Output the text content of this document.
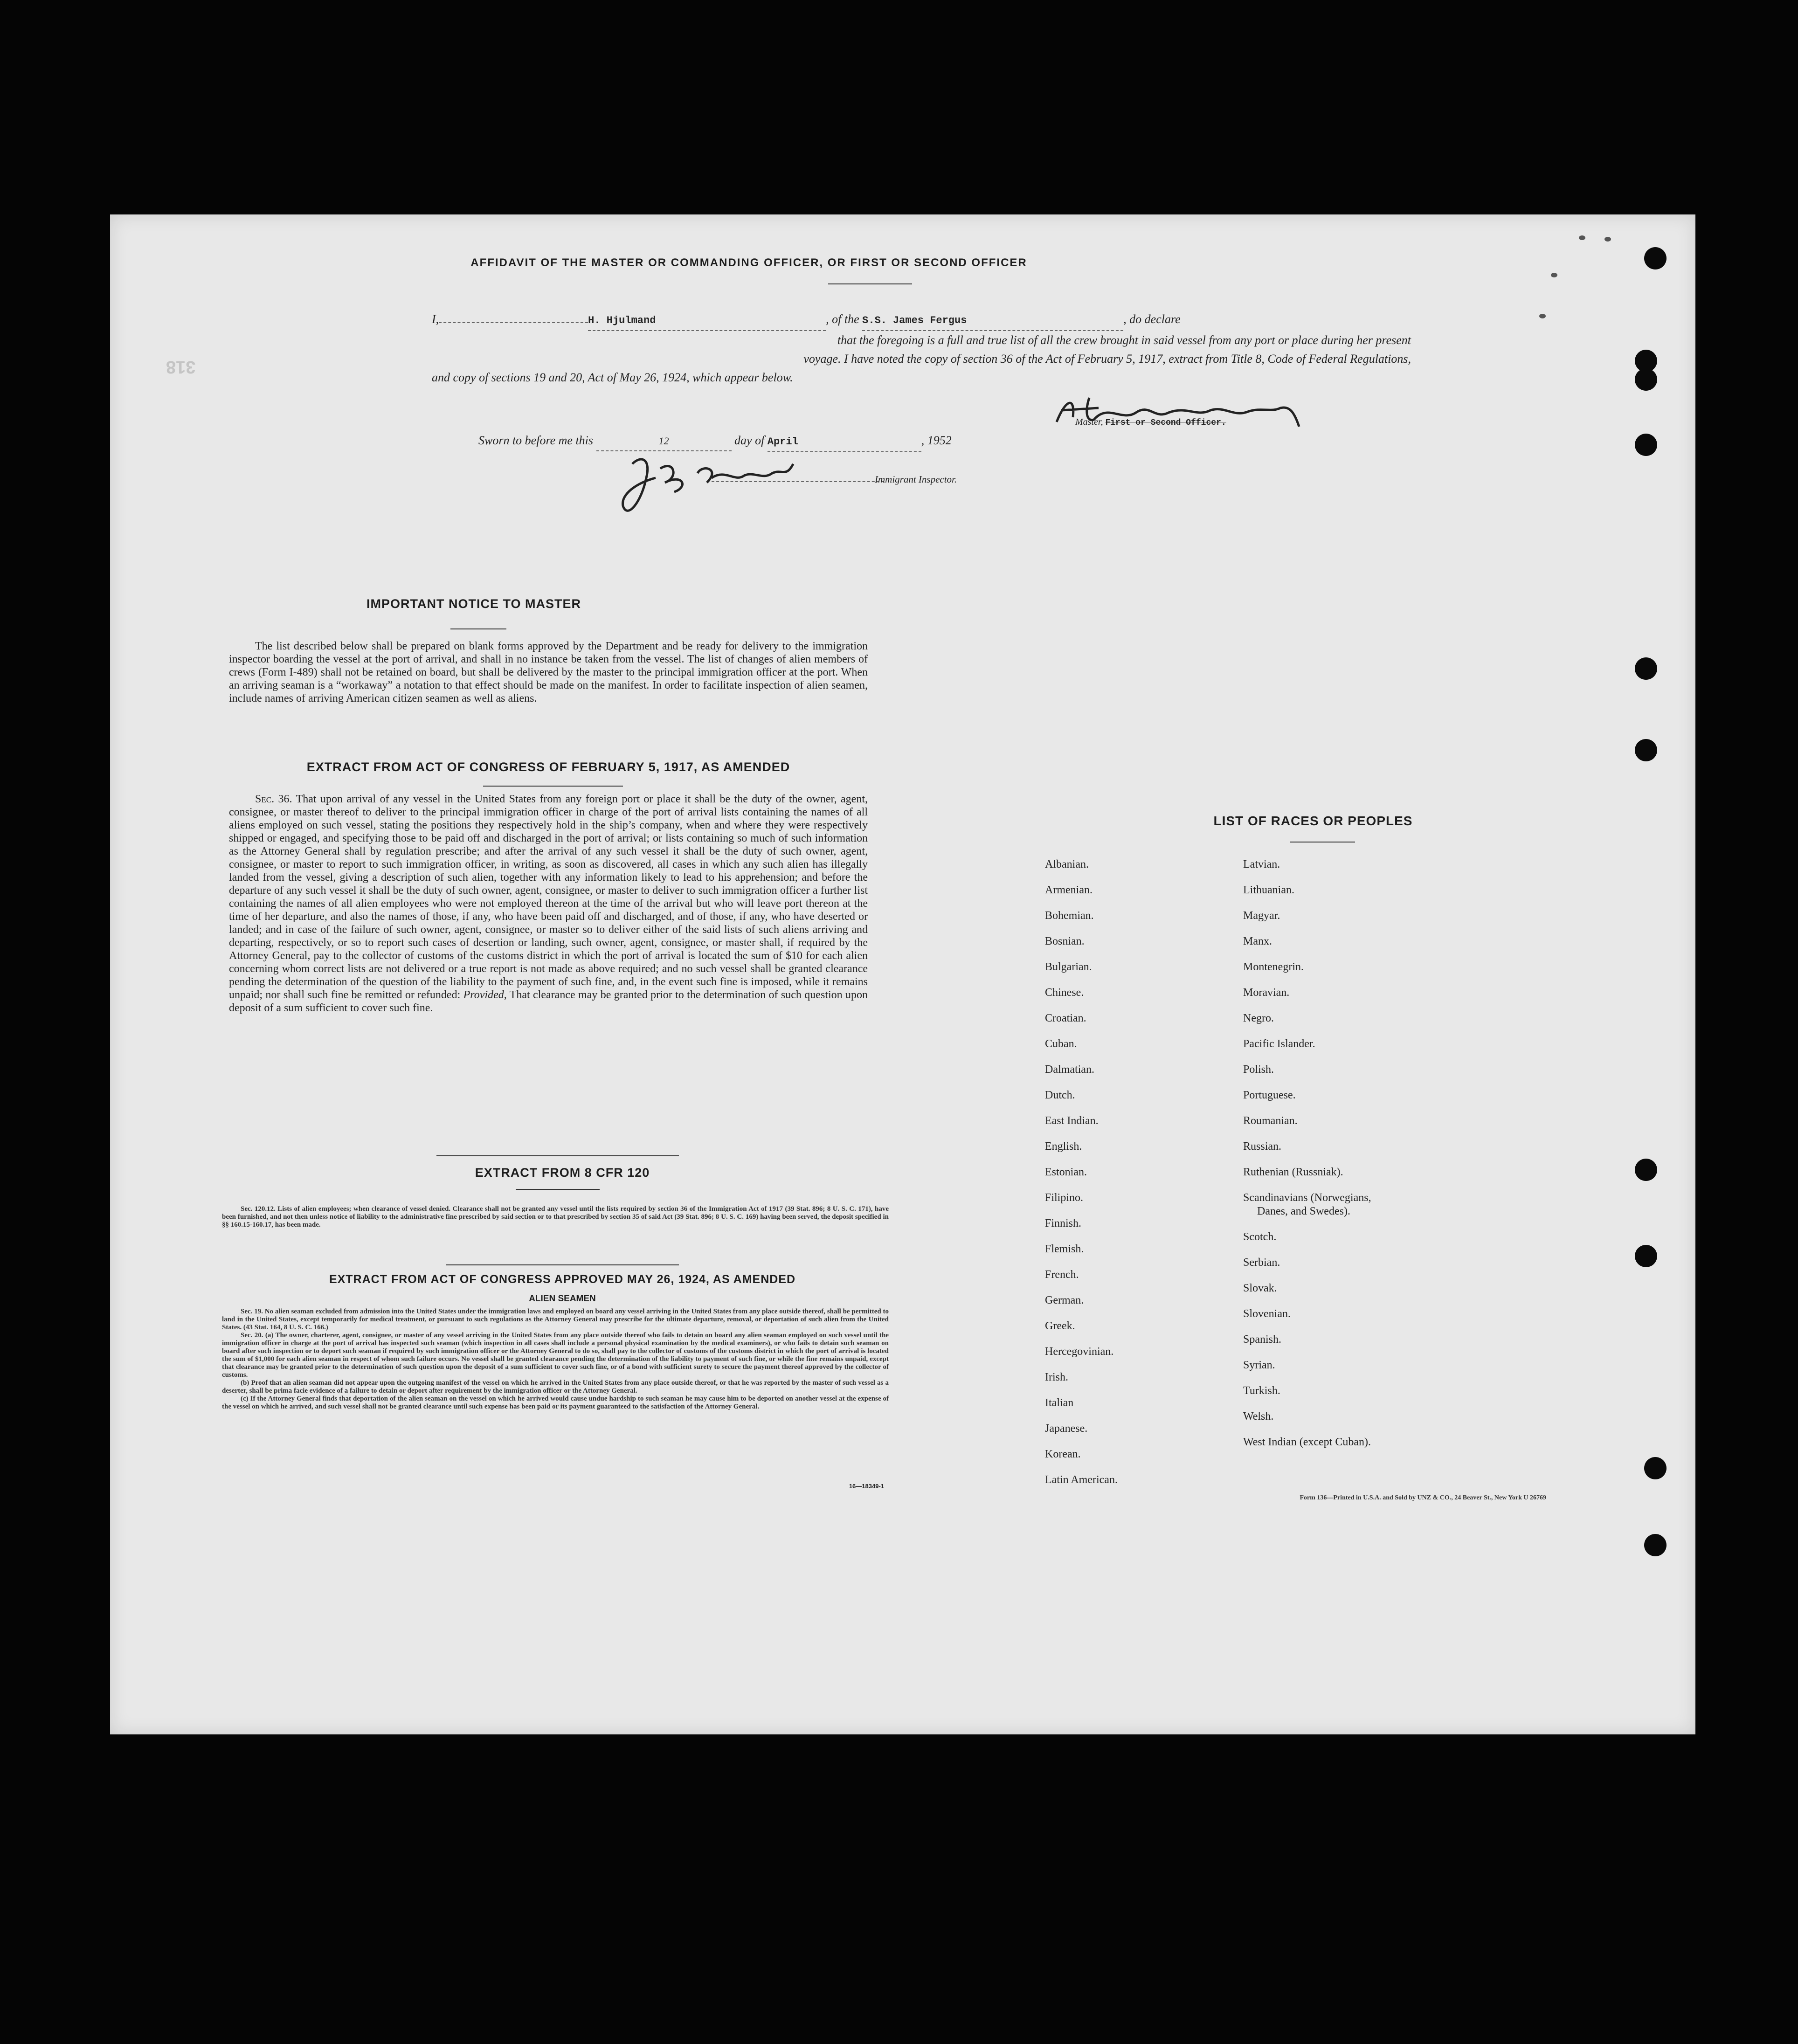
318
AFFIDAVIT OF THE MASTER OR COMMANDING OFFICER, OR FIRST OR SECOND OFFICER
I,	H. Hjulmand	, of the S.S. James Fergus	, do declare
that the foregoing is a full and true list of all the crew brought in said vessel from any port or place during her present
voyage. I have noted the copy of section 36 of the Act of February 5, 1917, extract from Title 8, Code of Federal Regulations,
and copy of sections 19 and 20, Act of May 26, 1924, which appear below.
Master, First or Second Officer.
Sworn to before me this	12	day of April	, 1952
Immigrant Inspector.
IMPORTANT NOTICE TO MASTER
The list described below shall be prepared on blank forms approved by the Department and be ready for delivery to the immigration inspector boarding the vessel at the port of arrival, and shall in no instance be taken from the vessel. The list of changes of alien members of crews (Form I-489) shall not be retained on board, but shall be delivered by the master to the principal immigration officer at the port. When an arriving seaman is a “workaway” a notation to that effect should be made on the manifest. In order to facilitate inspection of alien seamen, include names of arriving American citizen seamen as well as aliens.
EXTRACT FROM ACT OF CONGRESS OF FEBRUARY 5, 1917, AS AMENDED
Sec. 36. That upon arrival of any vessel in the United States from any foreign port or place it shall be the duty of the owner, agent, consignee, or master thereof to deliver to the principal immigration officer in charge of the port of arrival lists containing the names of all aliens employed on such vessel, stating the positions they respectively hold in the ship’s company, when and where they were respectively shipped or engaged, and specifying those to be paid off and discharged in the port of arrival; or lists containing so much of such information as the Attorney General shall by regulation prescribe; and after the arrival of any such vessel it shall be the duty of such owner, agent, consignee, or master to report to such immigration officer, in writing, as soon as discovered, all cases in which any such alien has illegally landed from the vessel, giving a description of such alien, together with any information likely to lead to his apprehension; and before the departure of any such vessel it shall be the duty of such owner, agent, consignee, or master to deliver to such immigration officer a further list containing the names of all alien employees who were not employed thereon at the time of the arrival but who will leave port thereon at the time of her departure, and also the names of those, if any, who have been paid off and discharged, and of those, if any, who have deserted or landed; and in case of the failure of such owner, agent, consignee, or master so to deliver either of the said lists of such aliens arriving and departing, respectively, or so to report such cases of desertion or landing, such owner, agent, consignee, or master shall, if required by the Attorney General, pay to the collector of customs of the customs district in which the port of arrival is located the sum of $10 for each alien concerning whom correct lists are not delivered or a true report is not made as above required; and no such vessel shall be granted clearance pending the determination of the question of the liability to the payment of such fine, and, in the event such fine is imposed, while it remains unpaid; nor shall such fine be remitted or refunded: Provided, That clearance may be granted prior to the determination of such question upon deposit of a sum sufficient to cover such fine.
EXTRACT FROM 8 CFR 120
Sec. 120.12. Lists of alien employees; when clearance of vessel denied. Clearance shall not be granted any vessel until the lists required by section 36 of the Immigration Act of 1917 (39 Stat. 896; 8 U. S. C. 171), have been furnished, and not then unless notice of liability to the administrative fine prescribed by said section or to that prescribed by section 35 of said Act (39 Stat. 896; 8 U. S. C. 169) having been served, the deposit specified in §§ 160.15-160.17, has been made.
EXTRACT FROM ACT OF CONGRESS APPROVED MAY 26, 1924, AS AMENDED
ALIEN SEAMEN
Sec. 19. No alien seaman excluded from admission into the United States under the immigration laws and employed on board any vessel arriving in the United States from any place outside thereof, shall be permitted to land in the United States, except temporarily for medical treatment, or pursuant to such regulations as the Attorney General may prescribe for the ultimate departure, removal, or deportation of such alien from the United States. (43 Stat. 164, 8 U. S. C. 166.)
Sec. 20. (a) The owner, charterer, agent, consignee, or master of any vessel arriving in the United States from any place outside thereof who fails to detain on board any alien seaman employed on such vessel until the immigration officer in charge at the port of arrival has inspected such seaman (which inspection in all cases shall include a personal physical examination by the medical examiners), or who fails to detain such seaman on board after such inspection or to deport such seaman if required by such immigration officer or the Attorney General to do so, shall pay to the collector of customs of the customs district in which the port of arrival is located the sum of $1,000 for each alien seaman in respect of whom such failure occurs. No vessel shall be granted clearance pending the determination of the liability to payment of such fine, or while the fine remains unpaid, except that clearance may be granted prior to the determination of such question upon the deposit of a sum sufficient to cover such fine, or of a bond with sufficient surety to secure the payment thereof approved by the collector of customs.
(b) Proof that an alien seaman did not appear upon the outgoing manifest of the vessel on which he arrived in the United States from any place outside thereof, or that he was reported by the master of such vessel as a deserter, shall be prima facie evidence of a failure to detain or deport after requirement by the immigration officer or the Attorney General.
(c) If the Attorney General finds that deportation of the alien seaman on the vessel on which he arrived would cause undue hardship to such seaman he may cause him to be deported on another vessel at the expense of the vessel on which he arrived, and such vessel shall not be granted clearance until such expense has been paid or its payment guaranteed to the satisfaction of the Attorney General.
16—18349-1
LIST OF RACES OR PEOPLES
Albanian.
Armenian.
Bohemian.
Bosnian.
Bulgarian.
Chinese.
Croatian.
Cuban.
Dalmatian.
Dutch.
East Indian.
English.
Estonian.
Filipino.
Finnish.
Flemish.
French.
German.
Greek.
Hercegovinian.
Irish.
Italian
Japanese.
Korean.
Latin American.
Latvian.
Lithuanian.
Magyar.
Manx.
Montenegrin.
Moravian.
Negro.
Pacific Islander.
Polish.
Portuguese.
Roumanian.
Russian.
Ruthenian (Russniak).
Scandinavians (Norwegians,
Danes, and Swedes).
Scotch.
Serbian.
Slovak.
Slovenian.
Spanish.
Syrian.
Turkish.
Welsh.
West Indian (except Cuban).
Form 136—Printed in U.S.A. and Sold by UNZ & CO., 24 Beaver St., New York U 26769
